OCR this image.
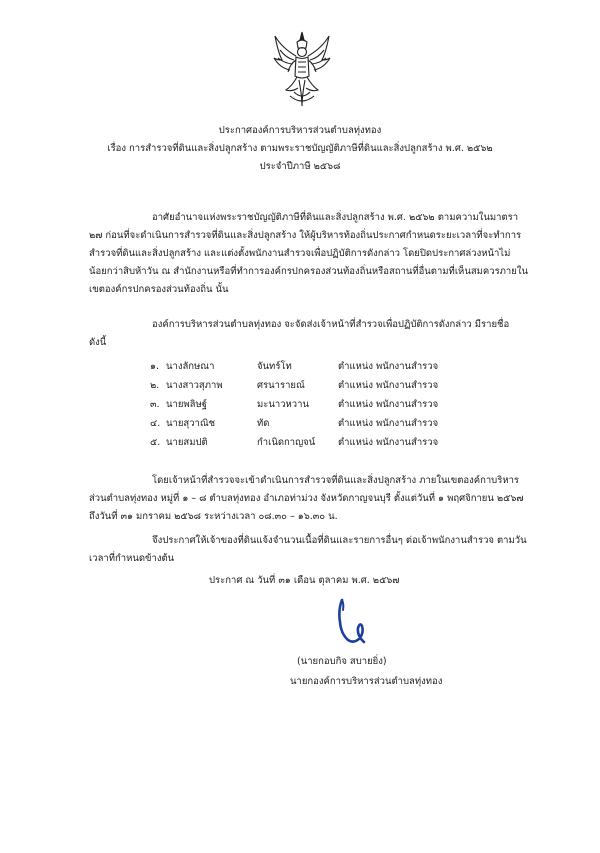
ประกาศองค์การบริหารส่วนตำบลทุ่งทอง
เรื่อง การสำรวจที่ดินและสิ่งปลูกสร้าง ตามพระราชบัญญัติภาษีที่ดินและสิ่งปลูกสร้าง พ.ศ. ๒๕๖๒
ประจำปีภาษี ๒๕๖๘
อาศัยอำนาจแห่งพระราชบัญญัติภาษีที่ดินและสิ่งปลูกสร้าง พ.ศ. ๒๕๖๒ ตามความในมาตรา
๒๗ ก่อนที่จะดำเนินการสำรวจที่ดินและสิ่งปลูกสร้าง ให้ผู้บริหารท้องถิ่นประกาศกำหนดระยะเวลาที่จะทำการ
สำรวจที่ดินและสิ่งปลูกสร้าง และแต่งตั้งพนักงานสำรวจเพื่อปฏิบัติการดังกล่าว โดยปิดประกาศล่วงหน้าไม่
น้อยกว่าสิบห้าวัน ณ สำนักงานหรือที่ทำการองค์กรปกครองส่วนท้องถิ่นหรือสถานที่อื่นตามที่เห็นสมควรภายใน
เขตองค์กรปกครองส่วนท้องถิ่น นั้น
องค์การบริหารส่วนตำบลทุ่งทอง จะจัดส่งเจ้าหน้าที่สำรวจเพื่อปฏิบัติการดังกล่าว มีรายชื่อ
ดังนี้
๑. นางลักษณา	จันทร์โท	ตำแหน่ง พนักงานสำรวจ
๒. นางสาวสุภาพ	ศรนารายณ์	ตำแหน่ง พนักงานสำรวจ
๓. นายพลิษฐ์	มะนาวหวาน	ตำแหน่ง พนักงานสำรวจ
๔. นายสุวาณิช	ทัด	ตำแหน่ง พนักงานสำรวจ
๕. นายสมปติ	กำเนิดกาญจน์ ตำแหน่ง พนักงานสำรวจ
โดยเจ้าหน้าที่สำรวจจะเข้าดำเนินการสำรวจที่ดินและสิ่งปลูกสร้าง ภายในเขตองค์กาบริหาร
ส่วนตำบลทุ่งทอง หมู่ที่ ๑ – ๘ ตำบลทุ่งทอง อำเภอท่าม่วง จังหวัดกาญจนบุรี ตั้งแต่วันที่ ๑ พฤศจิกายน ๒๕๖๗
ถึงวันที่ ๓๑ มกราคม ๒๕๖๘ ระหว่างเวลา ๐๘.๓๐ – ๑๖.๓๐ น.
จึงประกาศให้เจ้าของที่ดินแจ้งจำนวนเนื้อที่ดินและรายการอื่นๆ ต่อเจ้าพนักงานสำรวจ ตามวัน
เวลาที่กำหนดข้างต้น
ประกาศ ณ วันที่ ๓๑ เดือน ตุลาคม พ.ศ. ๒๕๖๗
(นายกอบกิจ สบายยิ่ง)
นายกองค์การบริหารส่วนตำบลทุ่งทอง
